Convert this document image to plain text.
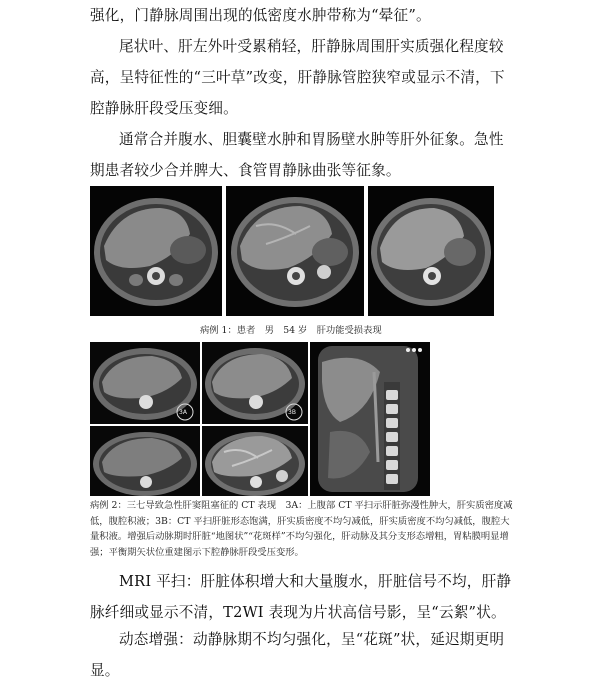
强化，门静脉周围出现的低密度水肿带称为“晕征”。

尾状叶、肝左外叶受累稍轻，肝静脉周围肝实质强化程度较高，呈特征性的“三叶草”改变，肝静脉管腔狭窄或显示不清，下腔静脉肝段受压变细。

通常合并腹水、胆囊壁水肿和胃肠壁水肿等肝外征象。急性期患者较少合并脾大、食管胃静脉曲张等征象。

病例 1：患者　男　54 岁　肝功能受损表现
3A	3B
病例 2：三七导致急性肝窦阻塞征的 CT 表现　3A：上腹部 CT 平扫示肝脏弥漫性肿大，肝实质密度减低，腹腔积液；3B：CT 平扫肝脏形态饱满，肝实质密度不均匀减低，肝实质密度不均匀减低，腹腔大量积液。增强后动脉期时肝脏“地图状”“花斑样”不均匀强化，肝动脉及其分支形态增粗，胃粘膜明显增强；平衡期矢状位重建图示下腔静脉肝段受压变形。

MRI 平扫：肝脏体积增大和大量腹水，肝脏信号不均，肝静脉纤细或显示不清，T2WI 表现为片状高信号影，呈“云絮”状。

动态增强：动静脉期不均匀强化，呈“花斑”状，延迟期更明显。
